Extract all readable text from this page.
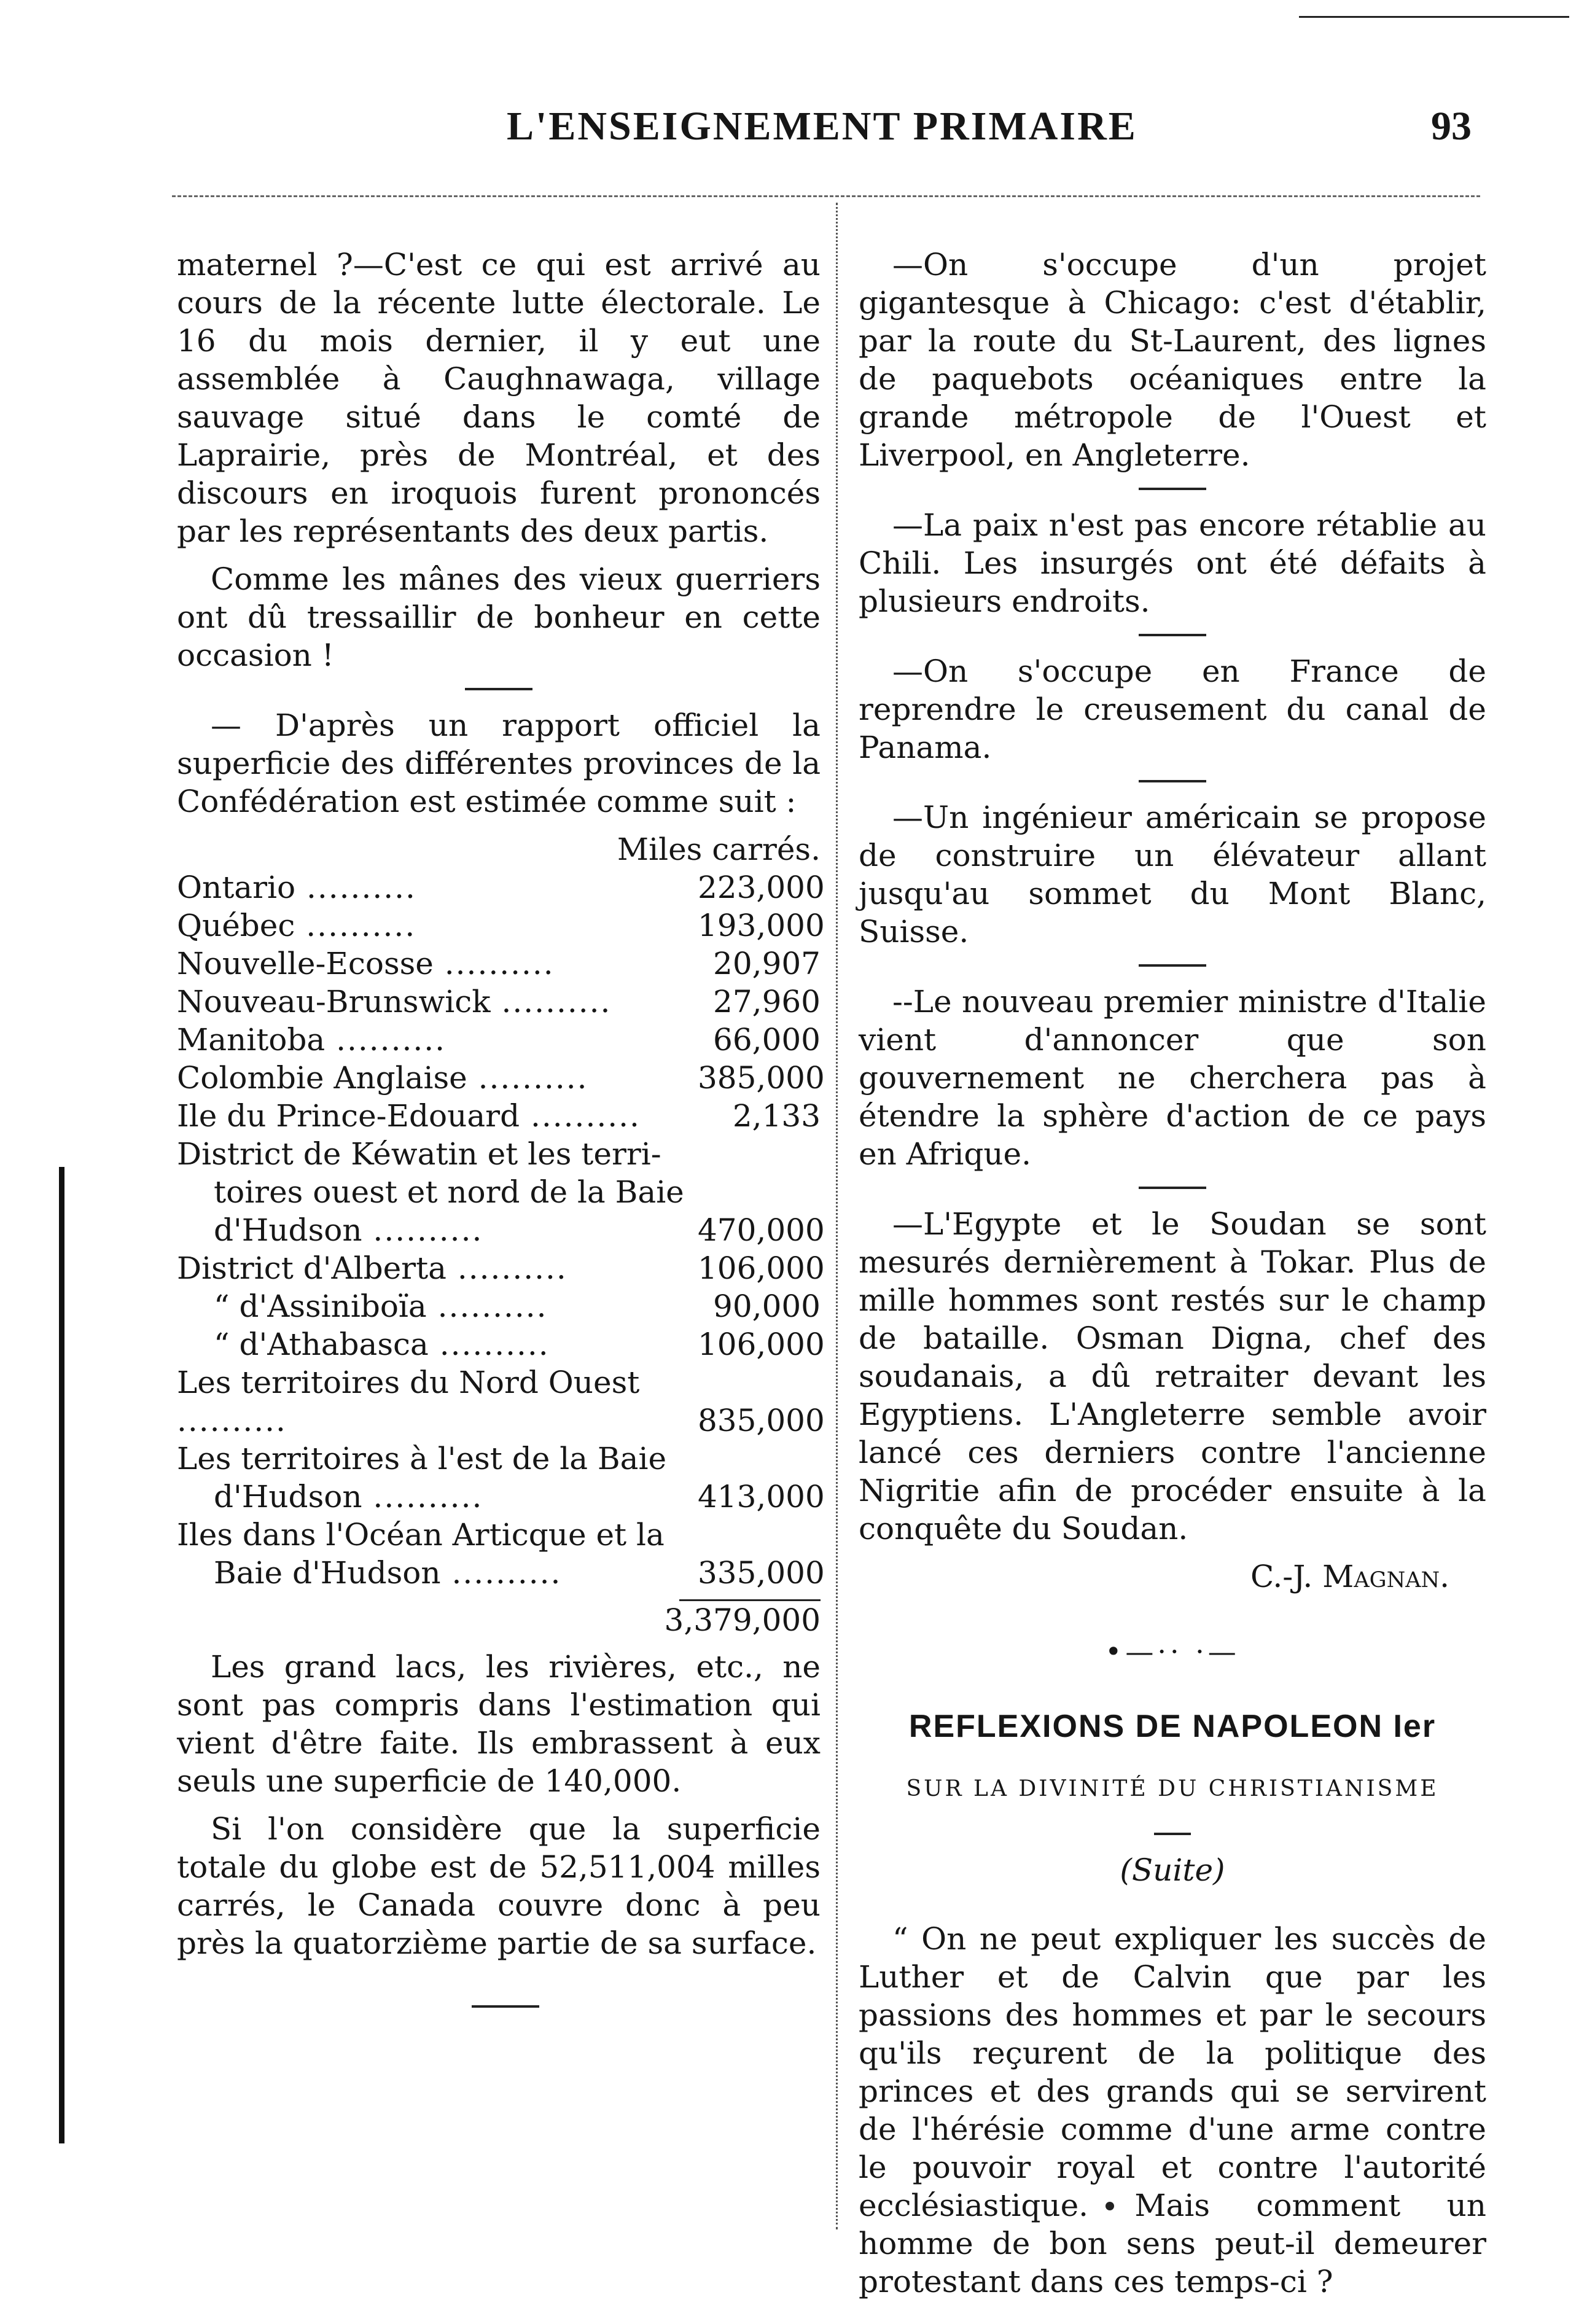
L'ENSEIGNEMENT PRIMAIRE	93

maternel ?—C'est ce qui est arrivé au cours de la récente lutte électorale. Le 16 du mois dernier, il y eut une assemblée à Caughnawaga, village sauvage situé dans le comté de Laprairie, près de Montréal, et des discours en iroquois furent prononcés par les représentants des deux partis.

Comme les mânes des vieux guerriers ont dû tressaillir de bonheur en cette occasion !

— D'après un rapport officiel la superficie des différentes provinces de la Confédération est estimée comme suit :

Miles carrés.
Ontario ..........	223,000
Québec ..........	193,000
Nouvelle-Ecosse ..........	20,907
Nouveau-Brunswick ..........	27,960
Manitoba ..........	66,000
Colombie Anglaise ..........	385,000
Ile du Prince-Edouard ..........	2,133
District de Kéwatin et les terri-
toires ouest et nord de la Baie
d'Hudson ..........	470,000
District d'Alberta ..........	106,000
“ d'Assiniboïa ..........	90,000
“ d'Athabasca ..........	106,000
Les territoires du Nord Ouest ..........	835,000
Les territoires à l'est de la Baie
d'Hudson ..........	413,000
Iles dans l'Océan Articque et la
Baie d'Hudson ..........	335,000
3,379,000

Les grand lacs, les rivières, etc., ne sont pas compris dans l'estimation qui vient d'être faite. Ils embrassent à eux seuls une superficie de 140,000.

Si l'on considère que la superficie totale du globe est de 52,511,004 milles carrés, le Canada couvre donc à peu près la quatorzième partie de sa surface.

—On s'occupe d'un projet gigantesque à Chicago: c'est d'établir, par la route du St-Laurent, des lignes de paquebots océaniques entre la grande métropole de l'Ouest et Liverpool, en Angleterre.

—La paix n'est pas encore rétablie au Chili. Les insurgés ont été défaits à plusieurs endroits.

—On s'occupe en France de reprendre le creusement du canal de Panama.

—Un ingénieur américain se propose de construire un élévateur allant jusqu'au sommet du Mont Blanc, Suisse.

--Le nouveau premier ministre d'Italie vient d'annoncer que son gouvernement ne cherchera pas à étendre la sphère d'action de ce pays en Afrique.

—L'Egypte et le Soudan se sont mesurés dernièrement à Tokar. Plus de mille hommes sont restés sur le champ de bataille. Osman Digna, chef des soudanais, a dû retraiter devant les Egyptiens. L'Angleterre semble avoir lancé ces derniers contre l'ancienne Nigritie afin de procéder ensuite à la conquête du Soudan.

C.-J. Magnan.
•—·· ·—
REFLEXIONS DE NAPOLEON Ier
SUR LA DIVINITÉ DU CHRISTIANISME
(Suite)

“ On ne peut expliquer les succès de Luther et de Calvin que par les passions des hommes et par le secours qu'ils reçurent de la politique des princes et des grands qui se servirent de l'hérésie comme d'une arme contre le pouvoir royal et contre l'autorité ecclésiastique. Mais comment un homme de bon sens peut-il demeurer protestant dans ces temps-ci ?
